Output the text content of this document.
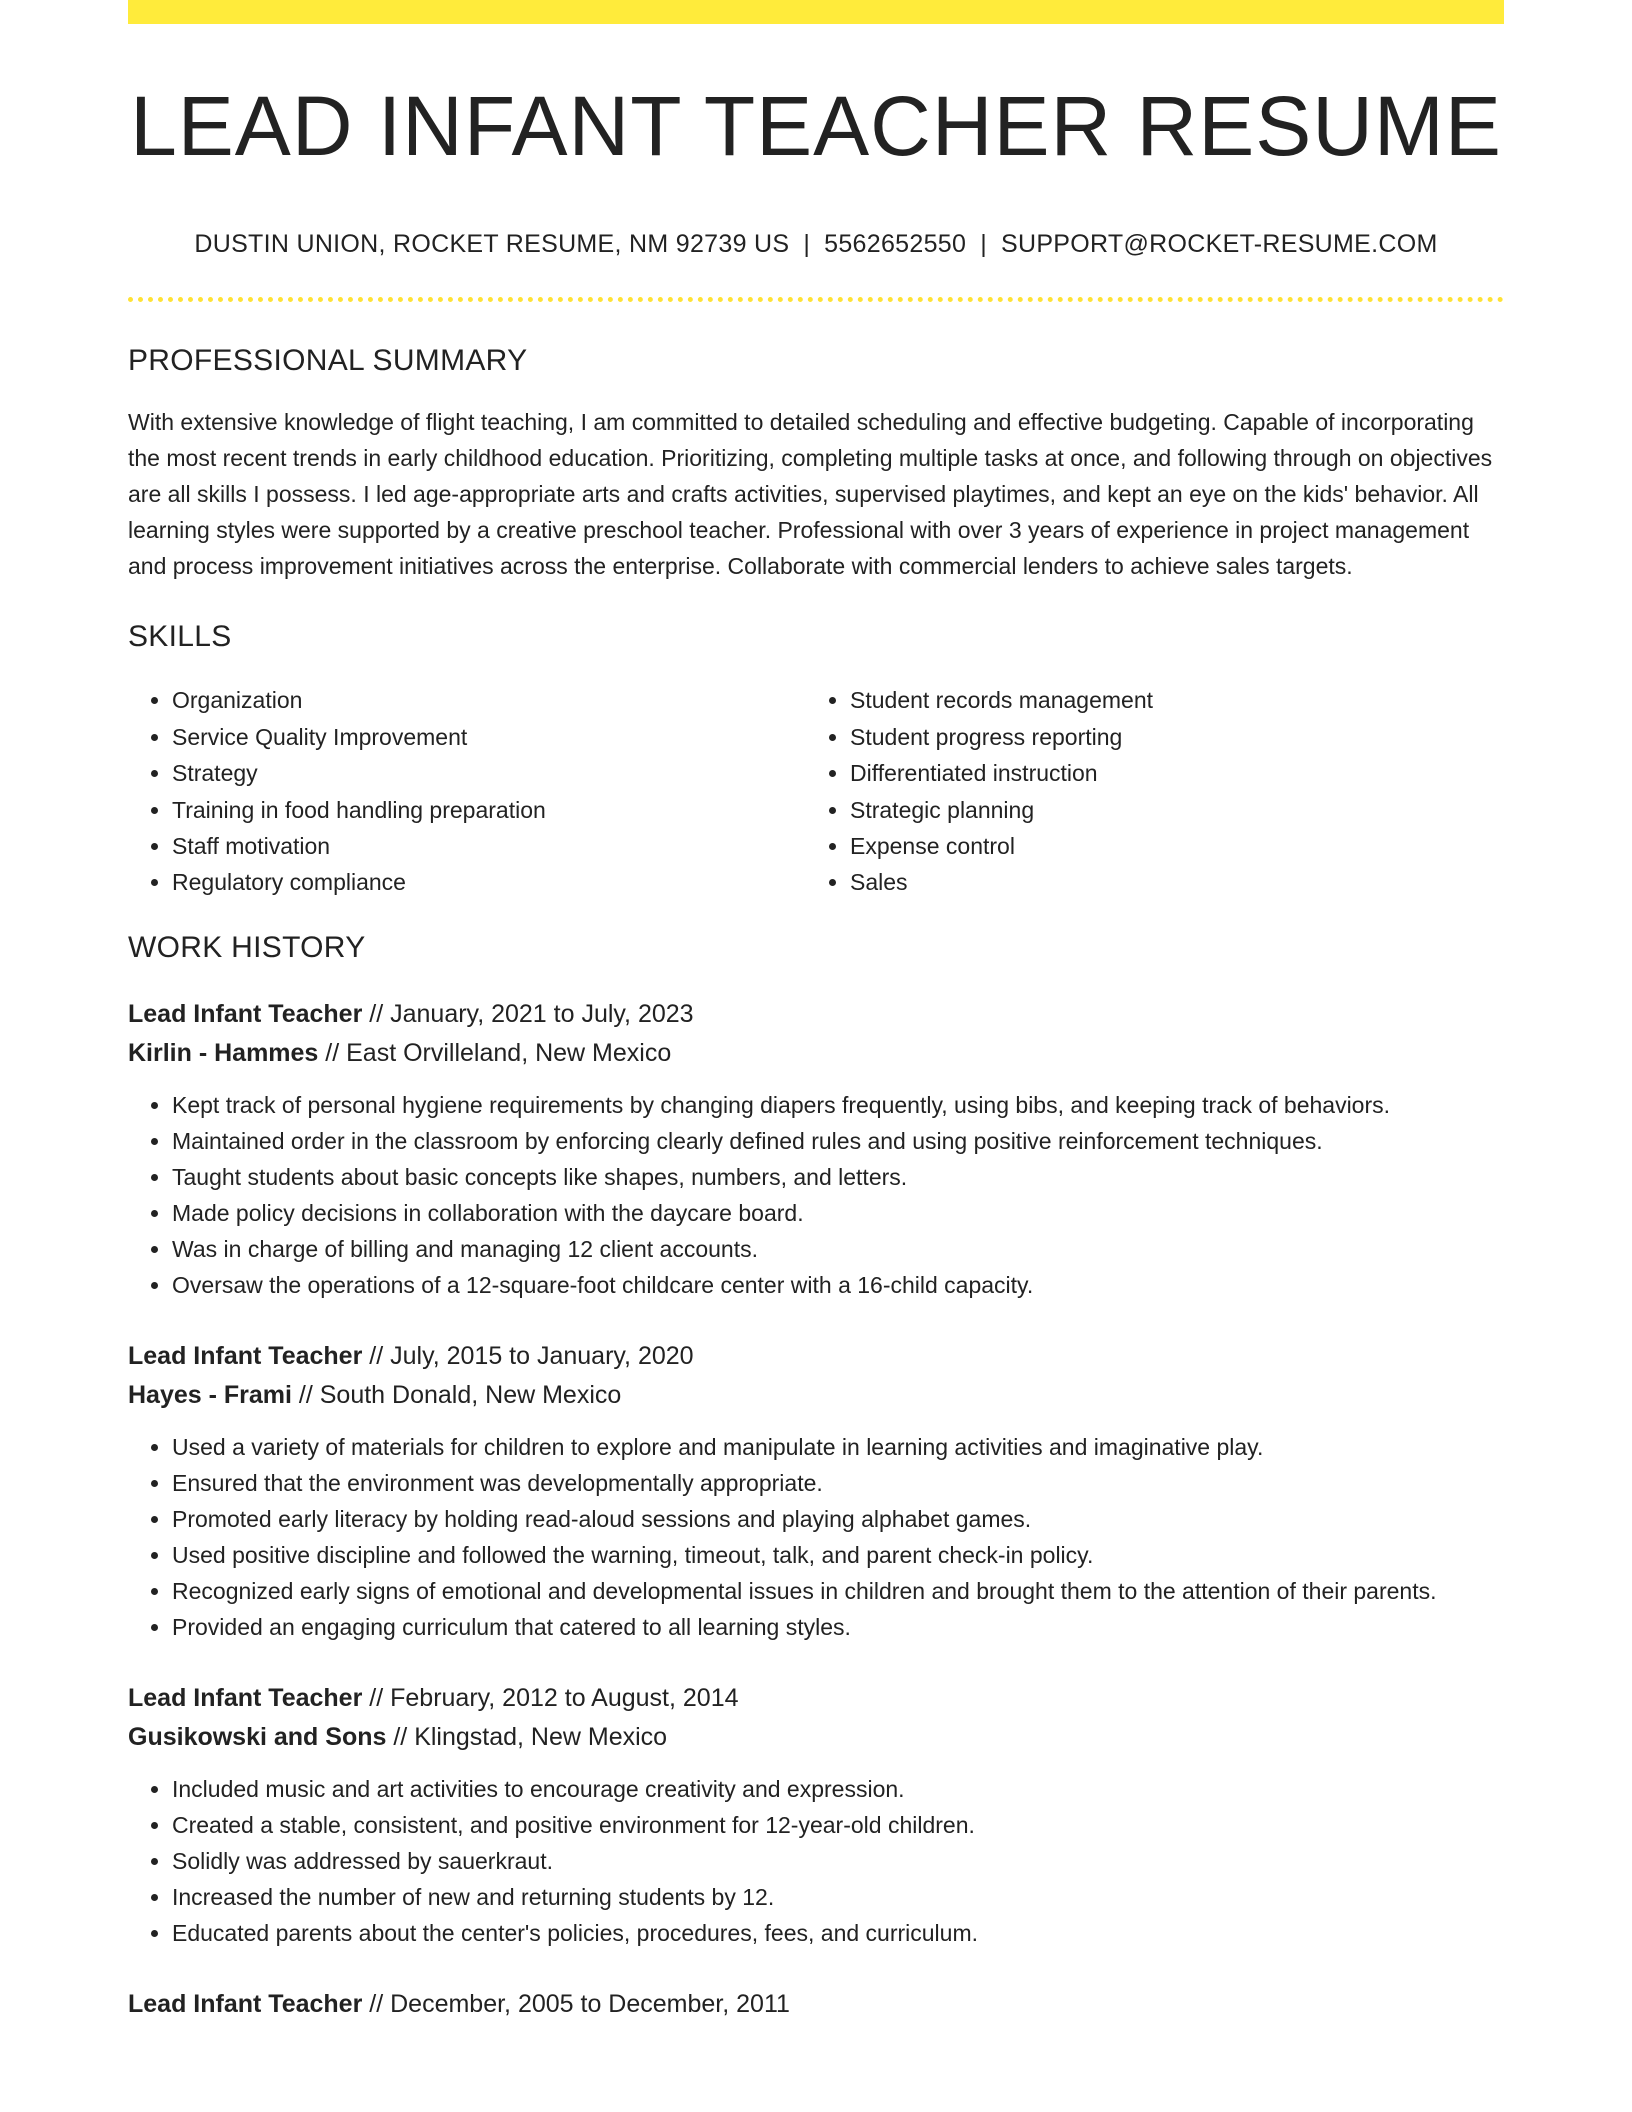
LEAD INFANT TEACHER RESUME
DUSTIN UNION, ROCKET RESUME, NM 92739 US | 5562652550 | SUPPORT@ROCKET-RESUME.COM
PROFESSIONAL SUMMARY

With extensive knowledge of flight teaching, I am committed to detailed scheduling and effective budgeting. Capable of incorporating the most recent trends in early childhood education. Prioritizing, completing multiple tasks at once, and following through on objectives are all skills I possess. I led age-appropriate arts and crafts activities, supervised playtimes, and kept an eye on the kids' behavior. All learning styles were supported by a creative preschool teacher. Professional with over 3 years of experience in project management and process improvement initiatives across the enterprise. Collaborate with commercial lenders to achieve sales targets.

SKILLS
• Organization
• Service Quality Improvement
• Strategy
• Training in food handling preparation
• Staff motivation
• Regulatory compliance
• Student records management
• Student progress reporting
• Differentiated instruction
• Strategic planning
• Expense control
• Sales
WORK HISTORY
Lead Infant Teacher // January, 2021 to July, 2023
Kirlin - Hammes // East Orvilleland, New Mexico
• Kept track of personal hygiene requirements by changing diapers frequently, using bibs, and keeping track of behaviors.
• Maintained order in the classroom by enforcing clearly defined rules and using positive reinforcement techniques.
• Taught students about basic concepts like shapes, numbers, and letters.
• Made policy decisions in collaboration with the daycare board.
• Was in charge of billing and managing 12 client accounts.
• Oversaw the operations of a 12-square-foot childcare center with a 16-child capacity.
Lead Infant Teacher // July, 2015 to January, 2020
Hayes - Frami // South Donald, New Mexico
• Used a variety of materials for children to explore and manipulate in learning activities and imaginative play.
• Ensured that the environment was developmentally appropriate.
• Promoted early literacy by holding read-aloud sessions and playing alphabet games.
• Used positive discipline and followed the warning, timeout, talk, and parent check-in policy.
• Recognized early signs of emotional and developmental issues in children and brought them to the attention of their parents.
• Provided an engaging curriculum that catered to all learning styles.
Lead Infant Teacher // February, 2012 to August, 2014
Gusikowski and Sons // Klingstad, New Mexico
• Included music and art activities to encourage creativity and expression.
• Created a stable, consistent, and positive environment for 12-year-old children.
• Solidly was addressed by sauerkraut.
• Increased the number of new and returning students by 12.
• Educated parents about the center's policies, procedures, fees, and curriculum.
Lead Infant Teacher // December, 2005 to December, 2011
